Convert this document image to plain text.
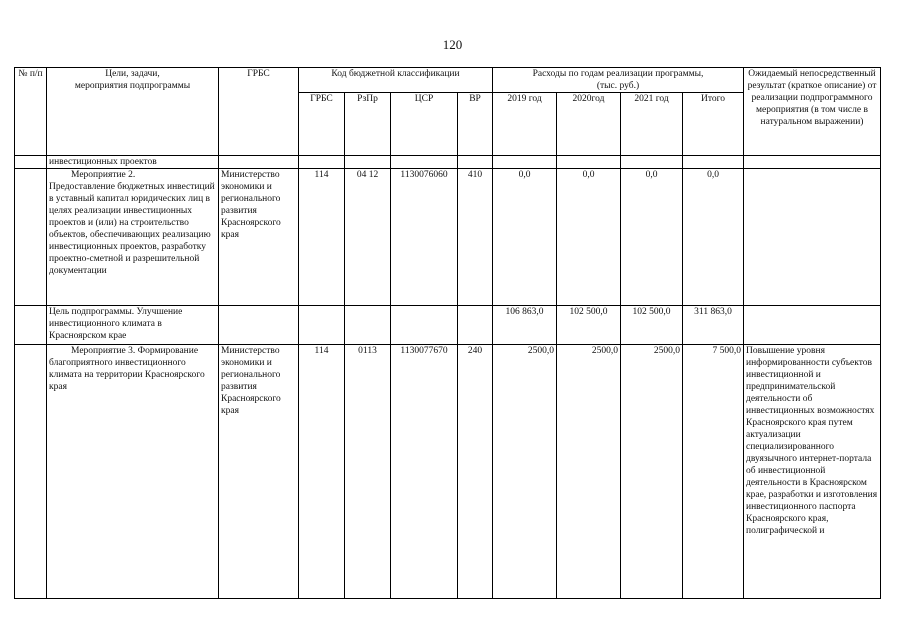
120
№ п/п	Цели, задачи,
мероприятия подпрограммы	ГРБС	Код бюджетной классификации				Расходы по годам реализации программы,
(тыс. руб.)				Ожидаемый непосредственный результат (краткое описание) от реализации подпрограммного мероприятия (в том числе в натуральном выражении)
			ГРБС	РзПр	ЦСР	ВР	2019 год	2020год	2021 год	Итого	
	инвестиционных проектов										
	Мероприятие 2.
Предоставление бюджетных инвестиций в уставный капитал юридических лиц в целях реализации инвестиционных проектов и (или) на строительство объектов, обеспечивающих реализацию инвестиционных проектов, разработку проектно-сметной и разрешительной документации	Министерство экономики и регионального развития Красноярского края	114	04 12	1130076060	410	0,0	0,0	0,0	0,0	
	Цель подпрограммы. Улучшение инвестиционного климата в Красноярском крае						106 863,0	102 500,0	102 500,0	311 863,0	
	Мероприятие 3. Формирование благоприятного инвестиционного климата на территории Красноярского края	Министерство экономики и регионального развития Красноярского края	114	0113	1130077670	240	2500,0	2500,0	2500,0	7 500,0	Повышение уровня информированности субъектов инвестиционной и предпринимательской деятельности об инвестиционных возможностях Красноярского края путем актуализации специализированного двуязычного интернет-портала об инвестиционной деятельности в Красноярском крае, разработки и изготовления инвестиционного паспорта Красноярского края, полиграфической и
